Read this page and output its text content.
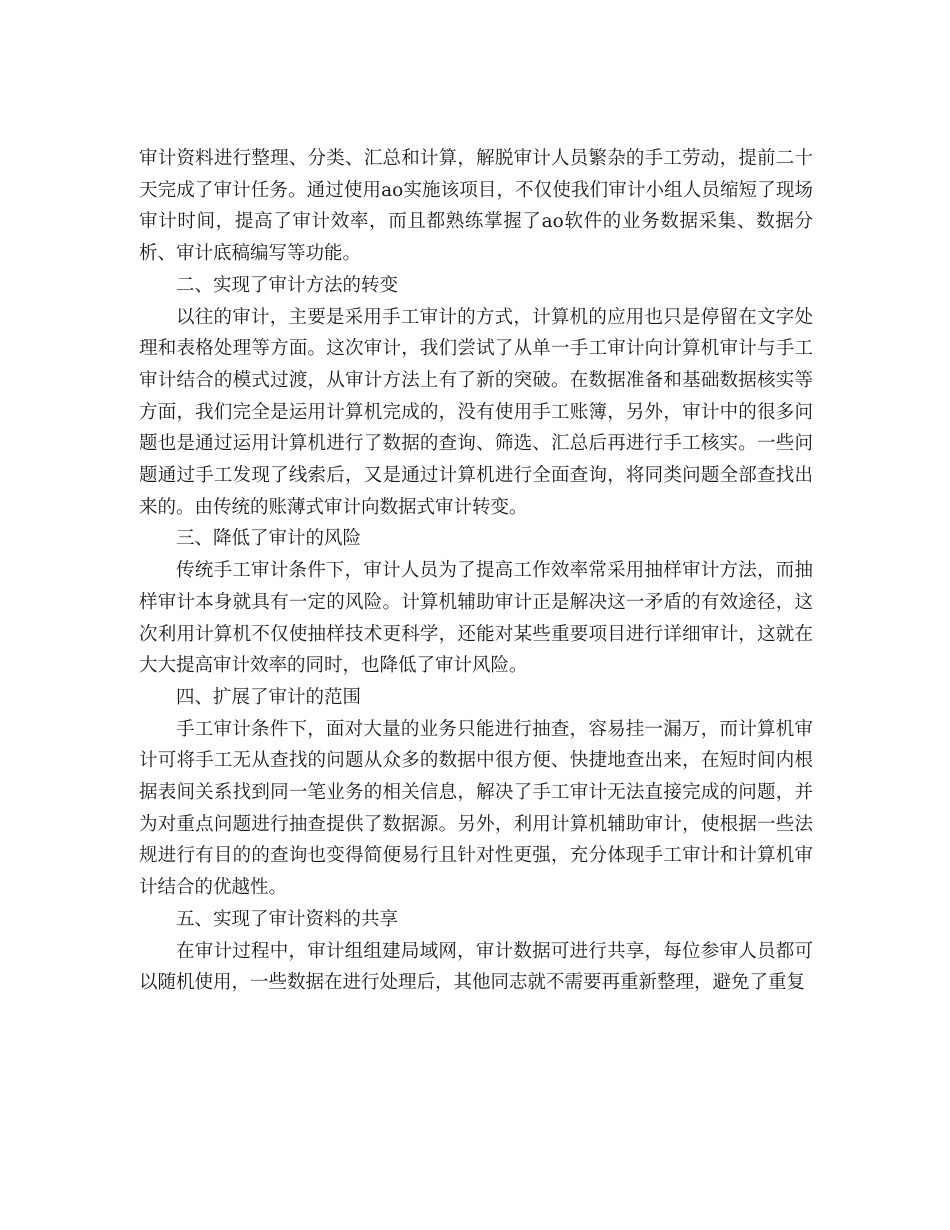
审计资料进行整理、分类、汇总和计算，解脱审计人员繁杂的手工劳动，提前二十天完成了审计任务。通过使用ao实施该项目，不仅使我们审计小组人员缩短了现场审计时间，提高了审计效率，而且都熟练掌握了ao软件的业务数据采集、数据分析、审计底稿编写等功能。

二、实现了审计方法的转变

以往的审计，主要是采用手工审计的方式，计算机的应用也只是停留在文字处理和表格处理等方面。这次审计，我们尝试了从单一手工审计向计算机审计与手工审计结合的模式过渡，从审计方法上有了新的突破。在数据准备和基础数据核实等方面，我们完全是运用计算机完成的，没有使用手工账簿，另外，审计中的很多问题也是通过运用计算机进行了数据的查询、筛选、汇总后再进行手工核实。一些问题通过手工发现了线索后，又是通过计算机进行全面查询，将同类问题全部查找出来的。由传统的账薄式审计向数据式审计转变。

三、降低了审计的风险

传统手工审计条件下，审计人员为了提高工作效率常采用抽样审计方法，而抽样审计本身就具有一定的风险。计算机辅助审计正是解决这一矛盾的有效途径，这次利用计算机不仅使抽样技术更科学，还能对某些重要项目进行详细审计，这就在大大提高审计效率的同时，也降低了审计风险。

四、扩展了审计的范围

手工审计条件下，面对大量的业务只能进行抽查，容易挂一漏万，而计算机审计可将手工无从查找的问题从众多的数据中很方便、快捷地查出来，在短时间内根据表间关系找到同一笔业务的相关信息，解决了手工审计无法直接完成的问题，并为对重点问题进行抽查提供了数据源。另外，利用计算机辅助审计，使根据一些法规进行有目的的查询也变得简便易行且针对性更强，充分体现手工审计和计算机审计结合的优越性。

五、实现了审计资料的共享

在审计过程中，审计组组建局域网，审计数据可进行共享，每位参审人员都可以随机使用，一些数据在进行处理后，其他同志就不需要再重新整理，避免了重复
